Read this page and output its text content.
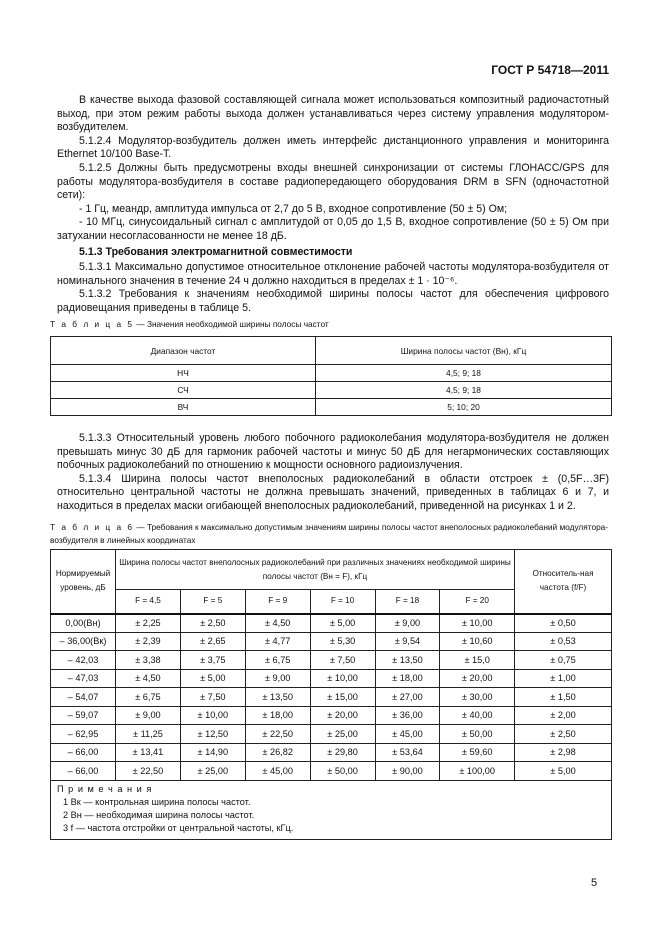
ГОСТ Р 54718—2011

В качестве выхода фазовой составляющей сигнала может использоваться композитный радиочастотный выход, при этом режим работы выхода должен устанавливаться через систему управления модулятором-возбудителем.

5.1.2.4 Модулятор-возбудитель должен иметь интерфейс дистанционного управления и мониторинга Ethernet 10/100 Base-T.

5.1.2.5 Должны быть предусмотрены входы внешней синхронизации от системы ГЛОНАСС/GPS для работы модулятора-возбудителя в составе радиопередающего оборудования DRM в SFN (одночастотной сети):

- 1 Гц, меандр, амплитуда импульса от 2,7 до 5 В, входное сопротивление (50 ± 5) Ом;

- 10 МГц, синусоидальный сигнал с амплитудой от 0,05 до 1,5 В, входное сопротивление (50 ± 5) Ом при затухании несогласованности не менее 18 дБ.

5.1.3 Требования электромагнитной совместимости

5.1.3.1 Максимально допустимое относительное отклонение рабочей частоты модулятора-возбудителя от номинального значения в течение 24 ч должно находиться в пределах ± 1 · 10⁻⁶.

5.1.3.2 Требования к значениям необходимой ширины полосы частот для обеспечения цифрового радиовещания приведены в таблице 5.

Т а б л и ц а 5 — Значения необходимой ширины полосы частот
Диапазон частот	Ширина полосы частот (Вн), кГц
НЧ	4,5; 9; 18
СЧ	4,5; 9; 18
ВЧ	5; 10; 20

5.1.3.3 Относительный уровень любого побочного радиоколебания модулятора-возбудителя не должен превышать минус 30 дБ для гармоник рабочей частоты и минус 50 дБ для негармонических составляющих побочных радиоколебаний по отношению к мощности основного радиоизлучения.

5.1.3.4 Ширина полосы частот внеполосных радиоколебаний в области отстроек ± (0,5F…3F) относительно центральной частоты не должна превышать значений, приведенных в таблицах 6 и 7, и находиться в пределах маски огибающей внеполосных радиоколебаний, приведенной на рисунках 1 и 2.

Т а б л и ц а 6 — Требования к максимально допустимым значениям ширины полосы частот внеполосных радиоколебаний модулятора-возбудителя в линейных координатах
Нормируемый уровень, дБ	Ширина полосы частот внеполосных радиоколебаний при различных значениях необходимой ширины полосы частот (Вн = F), кГц						Относитель-ная частота (f/F)
	F = 4,5	F = 5	F = 9	F = 10	F = 18	F = 20	
0,00(Вн)	± 2,25	± 2,50	± 4,50	± 5,00	± 9,00	± 10,00	± 0,50
– 36,00(Вк)	± 2,39	± 2,65	± 4,77	± 5,30	± 9,54	± 10,60	± 0,53
– 42,03	± 3,38	± 3,75	± 6,75	± 7,50	± 13,50	± 15,0	± 0,75
– 47,03	± 4,50	± 5,00	± 9,00	± 10,00	± 18,00	± 20,00	± 1,00
– 54,07	± 6,75	± 7,50	± 13,50	± 15,00	± 27,00	± 30,00	± 1,50
– 59,07	± 9,00	± 10,00	± 18,00	± 20,00	± 36,00	± 40,00	± 2,00
– 62,95	± 11,25	± 12,50	± 22,50	± 25,00	± 45,00	± 50,00	± 2,50
– 66,00	± 13,41	± 14,90	± 26,82	± 29,80	± 53,64	± 59,60	± 2,98
– 66,00	± 22,50	± 25,00	± 45,00	± 50,00	± 90,00	± 100,00	± 5,00

П р и м е ч а н и я
1 Вк — контрольная ширина полосы частот.
2 Вн — необходимая ширина полосы частот.
3 f — частота отстройки от центральной частоты, кГц.							
5
